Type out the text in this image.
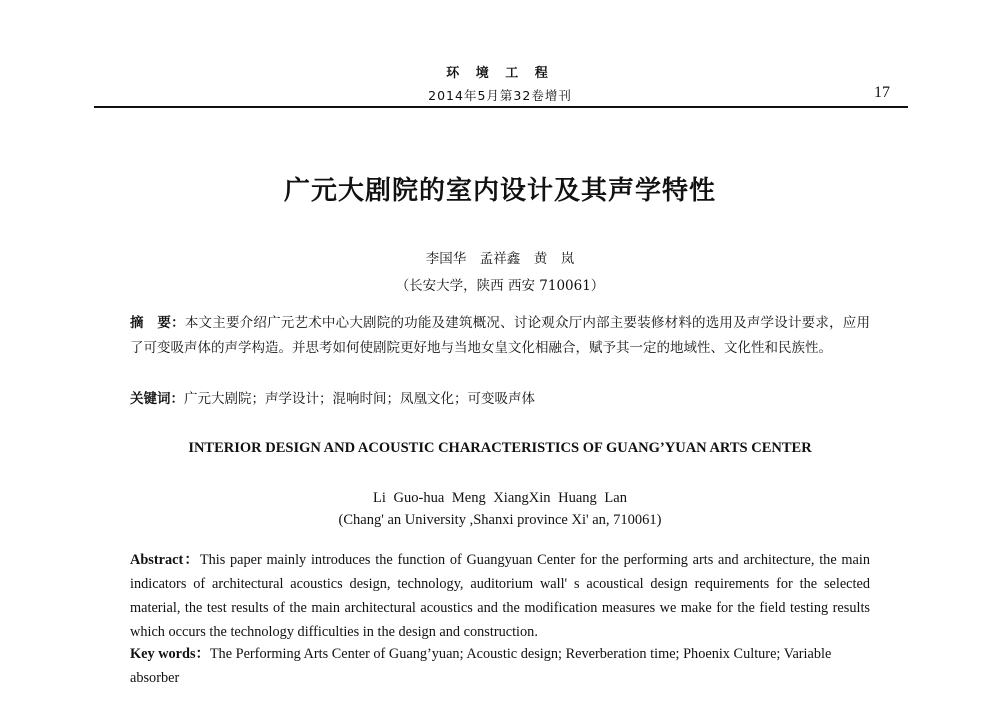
环 境 工 程
2014年5月第32卷增刊	17
广元大剧院的室内设计及其声学特性
李国华　孟祥鑫　黄　岚
（长安大学，陕西 西安 710061）
摘　要：本文主要介绍广元艺术中心大剧院的功能及建筑概况、讨论观众厅内部主要装修材料的选用及声学设计要求，应用了可变吸声体的声学构造。并思考如何使剧院更好地与当地女皇文化相融合，赋予其一定的地域性、文化性和民族性。
关键词：广元大剧院；声学设计；混响时间；凤凰文化；可变吸声体
INTERIOR DESIGN AND ACOUSTIC CHARACTERISTICS OF GUANG’YUAN ARTS CENTER
Li Guo-hua Meng XiangXin Huang Lan
(Chang' an University ,Shanxi province Xi' an, 710061)
Abstract：This paper mainly introduces the function of Guangyuan Center for the performing arts and architecture, the main indicators of architectural acoustics design, technology, auditorium wall' s acoustical design requirements for the selected material, the test results of the main architectural acoustics and the modification measures we make for the field testing results which occurs the technology difficulties in the design and construction.
Key words：The Performing Arts Center of Guang’yuan; Acoustic design; Reverberation time; Phoenix Culture; Variable absorber
